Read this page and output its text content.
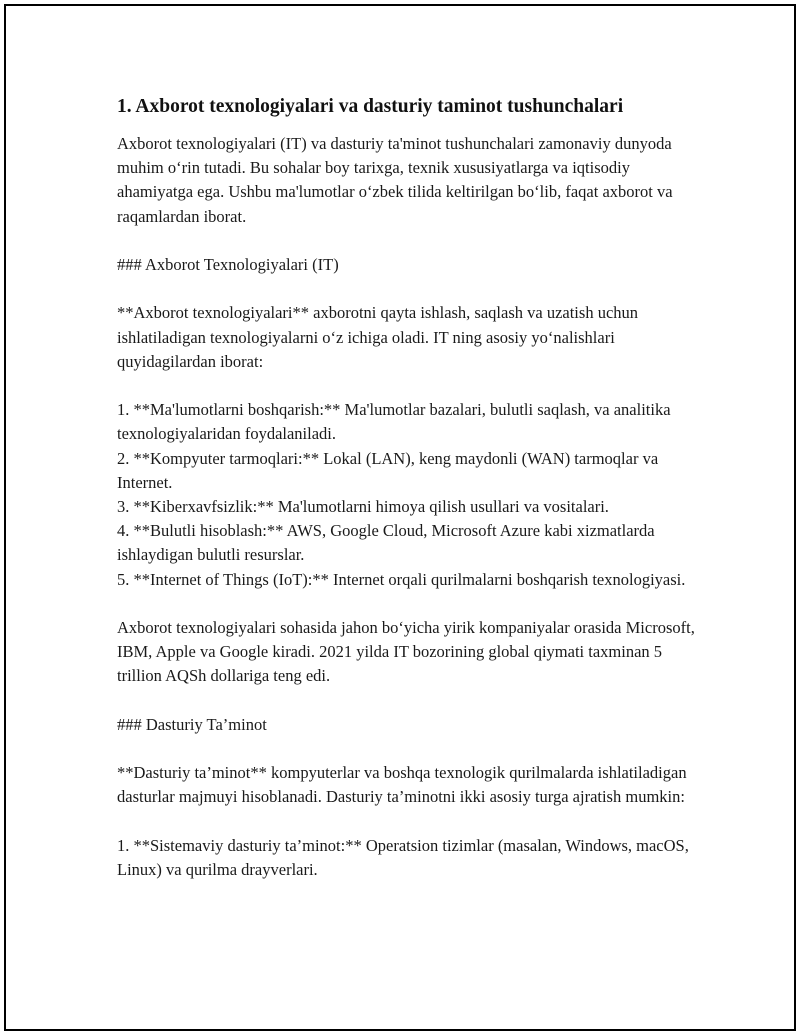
1. Axborot texnologiyalari va dasturiy taminot tushunchalari

Axborot texnologiyalari (IT) va dasturiy ta'minot tushunchalari zamonaviy dunyoda muhim o‘rin tutadi. Bu sohalar boy tarixga, texnik xususiyatlarga va iqtisodiy ahamiyatga ega. Ushbu ma'lumotlar o‘zbek tilida keltirilgan bo‘lib, faqat axborot va raqamlardan iborat.

### Axborot Texnologiyalari (IT)

**Axborot texnologiyalari** axborotni qayta ishlash, saqlash va uzatish uchun ishlatiladigan texnologiyalarni o‘z ichiga oladi. IT ning asosiy yo‘nalishlari quyidagilardan iborat:

1. **Ma'lumotlarni boshqarish:** Ma'lumotlar bazalari, bulutli saqlash, va analitika texnologiyalaridan foydalaniladi.

2. **Kompyuter tarmoqlari:** Lokal (LAN), keng maydonli (WAN) tarmoqlar va Internet.

3. **Kiberxavfsizlik:** Ma'lumotlarni himoya qilish usullari va vositalari.

4. **Bulutli hisoblash:** AWS, Google Cloud, Microsoft Azure kabi xizmatlarda ishlaydigan bulutli resurslar.

5. **Internet of Things (IoT):** Internet orqali qurilmalarni boshqarish texnologiyasi.

Axborot texnologiyalari sohasida jahon bo‘yicha yirik kompaniyalar orasida Microsoft, IBM, Apple va Google kiradi. 2021 yilda IT bozorining global qiymati taxminan 5 trillion AQSh dollariga teng edi.

### Dasturiy Ta’minot

**Dasturiy ta’minot** kompyuterlar va boshqa texnologik qurilmalarda ishlatiladigan dasturlar majmuyi hisoblanadi. Dasturiy ta’minotni ikki asosiy turga ajratish mumkin:

1. **Sistemaviy dasturiy ta’minot:** Operatsion tizimlar (masalan, Windows, macOS, Linux) va qurilma drayverlari.
